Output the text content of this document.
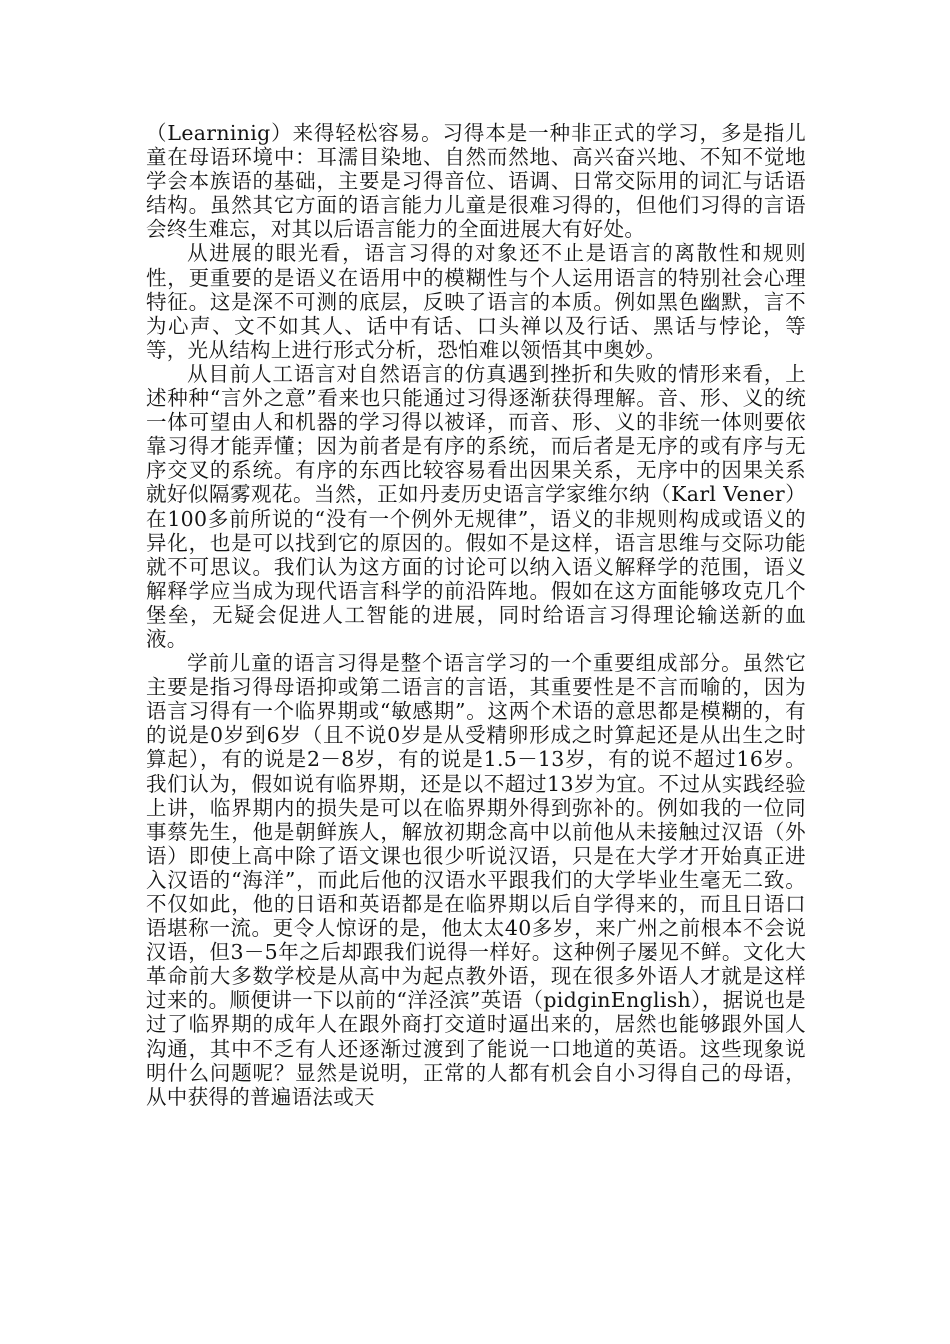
（Learninig）来得轻松容易。习得本是一种非正式的学习，多是指儿童在母语环境中：耳濡目染地、自然而然地、高兴奋兴地、不知不觉地学会本族语的基础，主要是习得音位、语调、日常交际用的词汇与话语结构。虽然其它方面的语言能力儿童是很难习得的，但他们习得的言语会终生难忘，对其以后语言能力的全面进展大有好处。

从进展的眼光看，语言习得的对象还不止是语言的离散性和规则性，更重要的是语义在语用中的模糊性与个人运用语言的特别社会心理特征。这是深不可测的底层，反映了语言的本质。例如黑色幽默，言不为心声、文不如其人、话中有话、口头禅以及行话、黑话与悖论，等等，光从结构上进行形式分析，恐怕难以领悟其中奥妙。

从目前人工语言对自然语言的仿真遇到挫折和失败的情形来看，上述种种“言外之意”看来也只能通过习得逐渐获得理解。音、形、义的统一体可望由人和机器的学习得以被译，而音、形、义的非统一体则要依靠习得才能弄懂；因为前者是有序的系统，而后者是无序的或有序与无序交叉的系统。有序的东西比较容易看出因果关系，无序中的因果关系就好似隔雾观花。当然，正如丹麦历史语言学家维尔纳（Karl Vener）在100多前所说的“没有一个例外无规律”，语义的非规则构成或语义的异化，也是可以找到它的原因的。假如不是这样，语言思维与交际功能就不可思议。我们认为这方面的讨论可以纳入语义解释学的范围，语义解释学应当成为现代语言科学的前沿阵地。假如在这方面能够攻克几个堡垒，无疑会促进人工智能的进展，同时给语言习得理论输送新的血液。

学前儿童的语言习得是整个语言学习的一个重要组成部分。虽然它主要是指习得母语抑或第二语言的言语，其重要性是不言而喻的，因为语言习得有一个临界期或“敏感期”。这两个术语的意思都是模糊的，有的说是0岁到6岁（且不说0岁是从受精卵形成之时算起还是从出生之时算起），有的说是2－8岁，有的说是1.5－13岁，有的说不超过16岁。我们认为，假如说有临界期，还是以不超过13岁为宜。不过从实践经验上讲，临界期内的损失是可以在临界期外得到弥补的。例如我的一位同事蔡先生，他是朝鲜族人，解放初期念高中以前他从未接触过汉语（外语）即使上高中除了语文课也很少听说汉语，只是在大学才开始真正进入汉语的“海洋”，而此后他的汉语水平跟我们的大学毕业生毫无二致。不仅如此，他的日语和英语都是在临界期以后自学得来的，而且日语口语堪称一流。更令人惊讶的是，他太太40多岁，来广州之前根本不会说汉语，但3－5年之后却跟我们说得一样好。这种例子屡见不鲜。文化大革命前大多数学校是从高中为起点教外语，现在很多外语人才就是这样过来的。顺便讲一下以前的“洋泾滨”英语（pidginEnglish），据说也是过了临界期的成年人在跟外商打交道时逼出来的，居然也能够跟外国人沟通，其中不乏有人还逐渐过渡到了能说一口地道的英语。这些现象说明什么问题呢？显然是说明，正常的人都有机会自小习得自己的母语，从中获得的普遍语法或天
